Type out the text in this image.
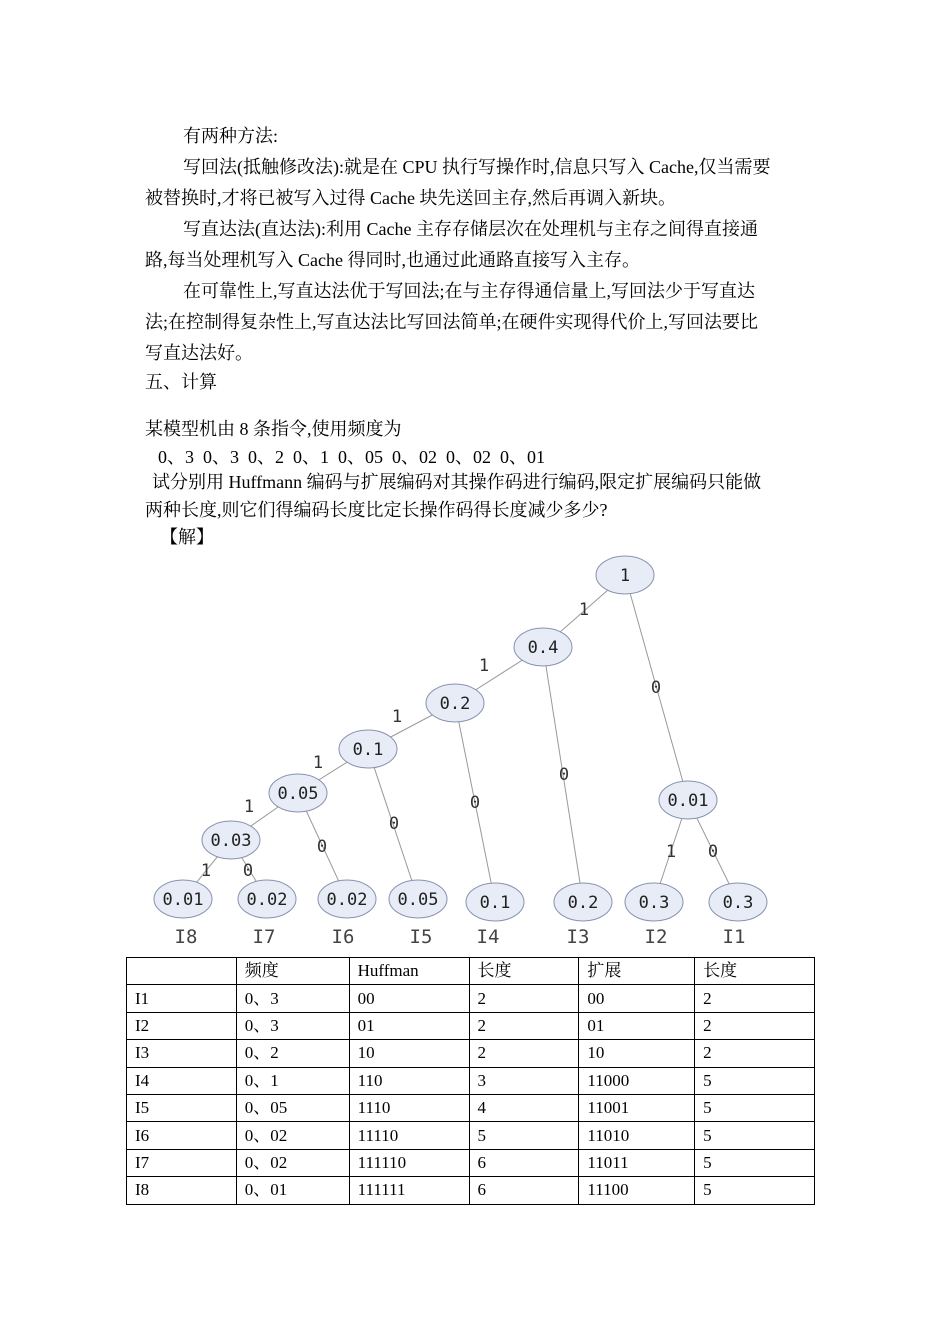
有两种方法:
写回法(抵触修改法):就是在 CPU 执行写操作时,信息只写入 Cache,仅当需要
被替换时,才将已被写入过得 Cache 块先送回主存,然后再调入新块。
写直达法(直达法):利用 Cache 主存存储层次在处理机与主存之间得直接通
路,每当处理机写入 Cache 得同时,也通过此通路直接写入主存。
在可靠性上,写直达法优于写回法;在与主存得通信量上,写回法少于写直达
法;在控制得复杂性上,写直达法比写回法简单;在硬件实现得代价上,写回法要比
写直达法好。
五、计算
某模型机由 8 条指令,使用频度为
0、3  0、3  0、2  0、1  0、05  0、02  0、02  0、01
试分别用 Huffmann 编码与扩展编码对其操作码进行编码,限定扩展编码只能做
两种长度,则它们得编码长度比定长操作码得长度减少多少?
【解】
1
1
1
1
1
1 0
0
0
0
0
0
1 0
1
0.4
0.2
0.1
0.05
0.03
0.01	0.02 0.02 0.05 0.1	0.2
0.01
0.3	0.3
I8	I7	I6	I5 I4	I3	I2	I1
	频度	Huffman	长度	扩展	长度
I1	0、3	00	2	00	2
I2	0、3	01	2	01	2
I3	0、2	10	2	10	2
I4	0、1	110	3	11000	5
I5	0、05	1110	4	11001	5
I6	0、02	11110	5	11010	5
I7	0、02	111110	6	11011	5
I8	0、01	111111	6	11100	5
